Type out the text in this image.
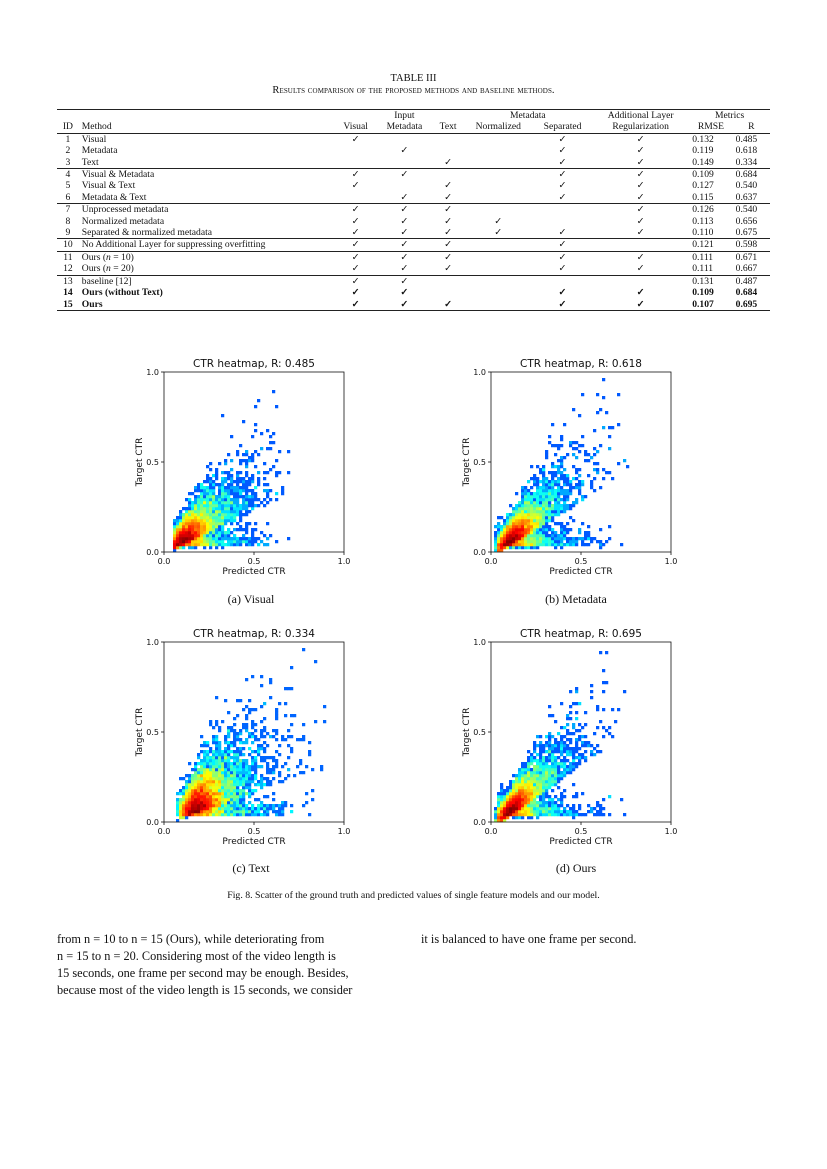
TABLE III
Results comparison of the proposed methods and baseline methods.
			Input		Metadata		Additional Layer	Metrics	
ID	Method	Visual	Metadata	Text	Normalized	Separated	Regularization	RMSE	R
1	Visual	✓				✓	✓	0.132	0.485
2	Metadata		✓			✓	✓	0.119	0.618
3	Text			✓		✓	✓	0.149	0.334
4	Visual & Metadata	✓	✓			✓	✓	0.109	0.684
5	Visual & Text	✓		✓		✓	✓	0.127	0.540
6	Metadata & Text		✓	✓		✓	✓	0.115	0.637
7	Unprocessed metadata	✓	✓	✓			✓	0.126	0.540
8	Normalized metadata	✓	✓	✓	✓		✓	0.113	0.656
9	Separated & normalized metadata	✓	✓	✓	✓	✓	✓	0.110	0.675
10	No Additional Layer for suppressing overfitting	✓	✓	✓		✓		0.121	0.598
11	Ours (n = 10)	✓	✓	✓		✓	✓	0.111	0.671
12	Ours (n = 20)	✓	✓	✓		✓	✓	0.111	0.667
13	baseline [12]	✓	✓					0.131	0.487
14	Ours (without Text)	✓	✓			✓	✓	0.109	0.684
15	Ours	✓	✓	✓		✓	✓	0.107	0.695
CTR heatmap, R: 0.485
0.0
0.0
0.5
0.5
1.0
1.0
Predicted CTR
Target CTR
CTR heatmap, R: 0.618
0.0
0.0
0.5
0.5
1.0
1.0
Predicted CTR
Target CTR
CTR heatmap, R: 0.334
0.0
0.0
0.5
0.5
1.0
1.0
Predicted CTR
Target CTR
CTR heatmap, R: 0.695
0.0
0.0
0.5
0.5
1.0
1.0
Predicted CTR
Target CTR
(a) Visual	(b) Metadata
(c) Text	(d) Ours
Fig. 8. Scatter of the ground truth and predicted values of single feature models and our model.

from n = 10 to n = 15 (Ours), while deteriorating from

n = 15 to n = 20. Considering most of the video length is

15 seconds, one frame per second may be enough. Besides,

because most of the video length is 15 seconds, we consider

it is balanced to have one frame per second.
